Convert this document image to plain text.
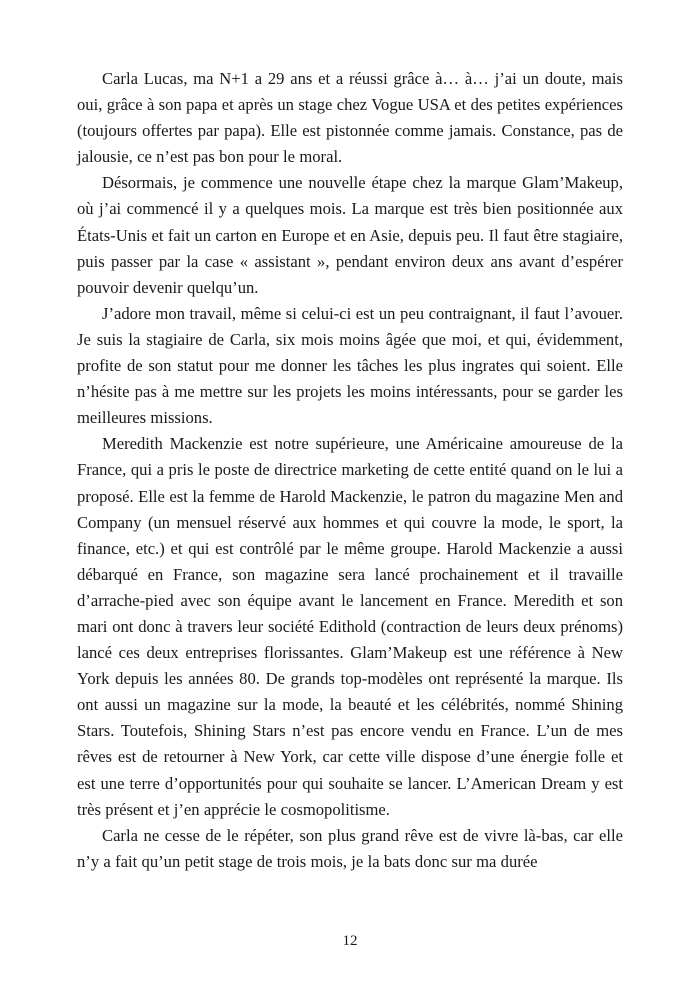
Carla Lucas, ma N+1 a 29 ans et a réussi grâce à… à… j’ai un doute, mais oui, grâce à son papa et après un stage chez Vogue USA et des petites expériences (toujours offertes par papa). Elle est pistonnée comme jamais. Constance, pas de jalousie, ce n’est pas bon pour le moral.

Désormais, je commence une nouvelle étape chez la marque Glam’Makeup, où j’ai commencé il y a quelques mois. La marque est très bien positionnée aux États-Unis et fait un carton en Europe et en Asie, depuis peu. Il faut être stagiaire, puis passer par la case « assistant », pendant environ deux ans avant d’espérer pouvoir devenir quelqu’un.

J’adore mon travail, même si celui-ci est un peu contraignant, il faut l’avouer. Je suis la stagiaire de Carla, six mois moins âgée que moi, et qui, évidemment, profite de son statut pour me donner les tâches les plus ingrates qui soient. Elle n’hésite pas à me mettre sur les projets les moins intéressants, pour se garder les meilleures missions.

Meredith Mackenzie est notre supérieure, une Américaine amoureuse de la France, qui a pris le poste de directrice marketing de cette entité quand on le lui a proposé. Elle est la femme de Harold Mackenzie, le patron du magazine Men and Company (un mensuel réservé aux hommes et qui couvre la mode, le sport, la finance, etc.) et qui est contrôlé par le même groupe. Harold Mackenzie a aussi débarqué en France, son magazine sera lancé prochainement et il travaille d’arrache-pied avec son équipe avant le lancement en France. Meredith et son mari ont donc à travers leur société Edithold (contraction de leurs deux prénoms) lancé ces deux entreprises florissantes. Glam’Makeup est une référence à New York depuis les années 80. De grands top-modèles ont représenté la marque. Ils ont aussi un magazine sur la mode, la beauté et les célébrités, nommé Shining Stars. Toutefois, Shining Stars n’est pas encore vendu en France. L’un de mes rêves est de retourner à New York, car cette ville dispose d’une énergie folle et est une terre d’opportunités pour qui souhaite se lancer. L’American Dream y est très présent et j’en apprécie le cosmopolitisme.

Carla ne cesse de le répéter, son plus grand rêve est de vivre là-bas, car elle n’y a fait qu’un petit stage de trois mois, je la bats donc sur ma durée

12
